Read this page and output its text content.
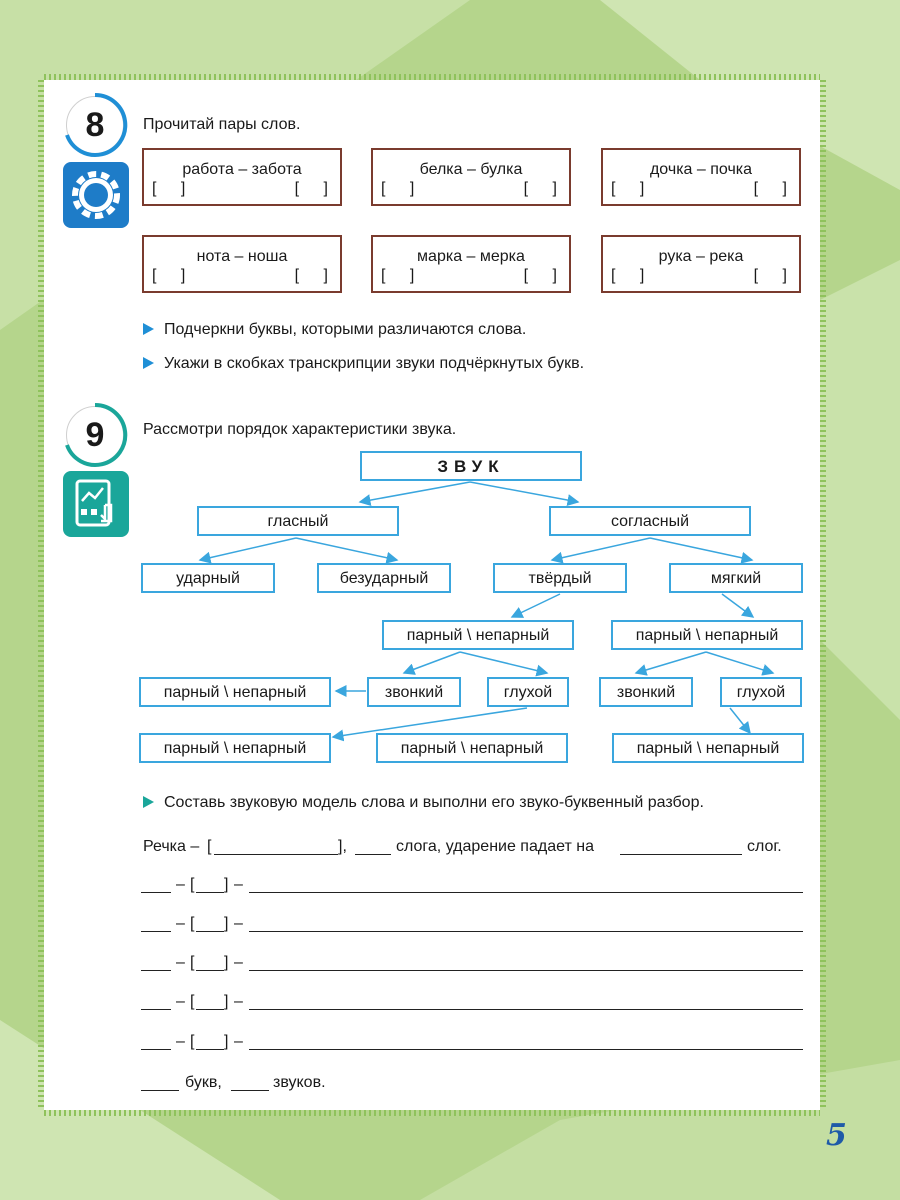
8	Прочитай пары слов.
работа – забота
[ ]	[ ]
белка – булка
[ ]	[ ]
дочка – почка
[ ]	[ ]
нота – ноша
[ ]	[ ]
марка – мерка
[ ]	[ ]
рука – река
[ ]	[ ]
Подчеркни буквы, которыми различаются слова.
Укажи в скобках транскрипции звуки подчёркнутых букв.
9	Рассмотри порядок характеристики звука.
ЗВУК
гласный	согласный
ударный	безударный	твёрдый	мягкий
парный \ непарный	парный \ непарный
парный \ непарный	звонкий	глухой	звонкий	глухой
парный \ непарный	парный \ непарный	парный \ непарный
Составь звуковую модель слова и выполни его звуко-буквенный разбор.
Речка – [	],	слога, ударение падает на	слог.
– [ ] –
– [ ] –
– [ ] –
– [ ] –
– [ ] –
букв,	звуков.
5
